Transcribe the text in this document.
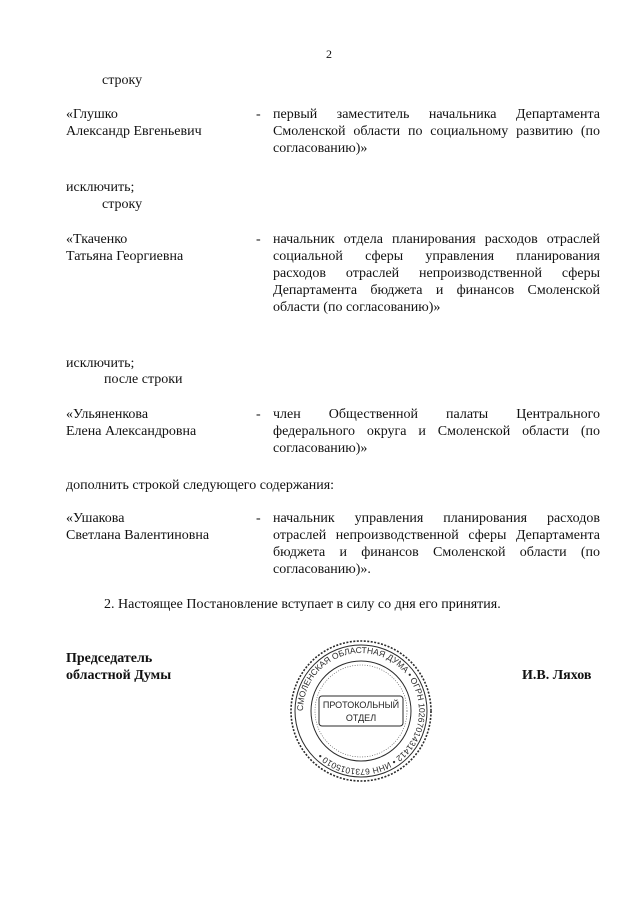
2
строку
«Глушко
Александр Евгеньевич
- первый заместитель начальника Департамента Смоленской области по социальному развитию (по согласованию)»
исключить;
строку
«Ткаченко
Татьяна Георгиевна
- начальник отдела планирования расходов отраслей социальной сферы управления планирования расходов отраслей непроизводственной сферы Департамента бюджета и финансов Смоленской области (по согласованию)»
исключить;
после строки
«Ульяненкова
Елена Александровна
- член Общественной палаты Центрального федерального округа и Смоленской области (по согласованию)»
дополнить строкой следующего содержания:
«Ушакова
Светлана Валентиновна
- начальник управления планирования расходов отраслей непроизводственной сферы Департамента бюджета и финансов Смоленской области (по согласованию)».
2. Настоящее Постановление вступает в силу со дня его принятия.
Председатель
областной Думы	И.В. Ляхов
СМОЛЕНСКАЯ ОБЛАСТНАЯ ДУМА • ОГРН 1026701431412 • ИНН 6731015010 •
ПРОТОКОЛЬНЫЙ
ОТДЕЛ
